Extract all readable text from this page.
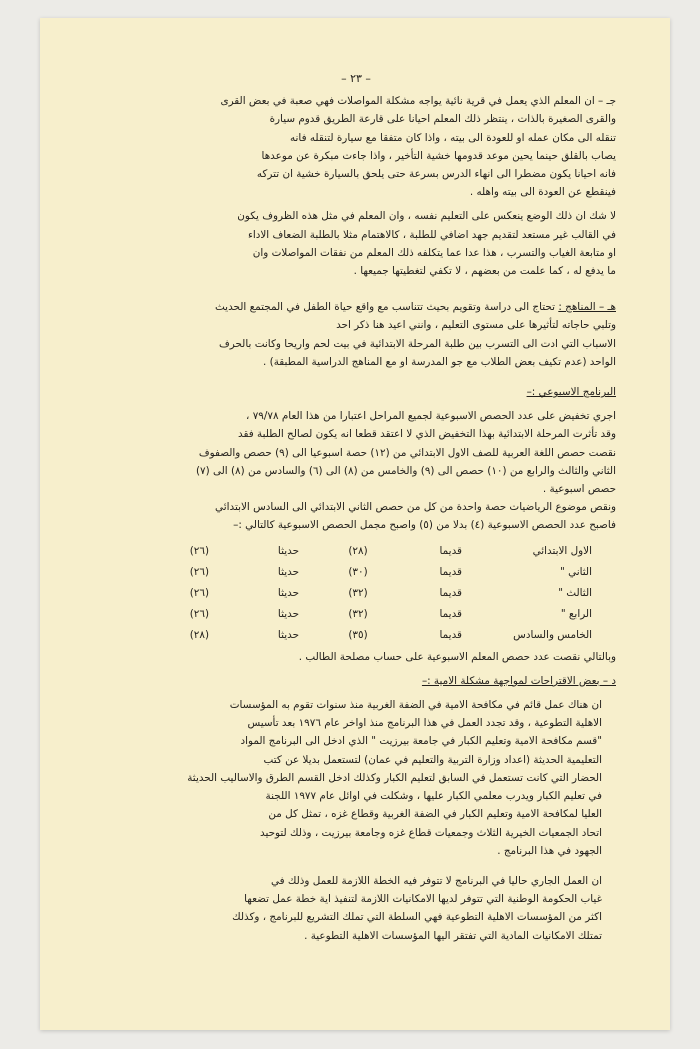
– ٢٣ –

جـ – ان المعلم الذي يعمل في قرية نائية يواجه مشكلة المواصلات فهي صعبة في بعض القرى

والقرى الصغيرة بالذات ، ينتظر ذلك المعلم احيانا على قارعة الطريق قدوم سيارة

تنقله الى مكان عمله او للعودة الى بيته ، واذا كان متفقا مع سيارة لتنقله فانه

يصاب بالقلق حينما يحين موعد قدومها خشية التأخير ، واذا جاءت مبكرة عن موعدها

فانه احيانا يكون مضطرا الى انهاء الدرس بسرعة حتى يلحق بالسيارة خشية ان تتركه

فينقطع عن العودة الى بيته واهله .

لا شك ان ذلك الوضع ينعكس على التعليم نفسه ، وان المعلم في مثل هذه الظروف يكون

في القالب غير مستعد لتقديم جهد اضافي للطلبة ، كالاهتمام مثلا بالطلبة الضعاف الاداء

او متابعة الغياب والتسرب ، هذا عدا عما يتكلفه ذلك المعلم من نفقات المواصلات وان

ما يدفع له ، كما علمت من بعضهم ، لا تكفي لتغطيتها جميعها .

هـ – المناهج : تحتاج الى دراسة وتقويم بحيث تتناسب مع واقع حياة الطفل في المجتمع الحديث

وتلبي حاجاته لتأثيرها على مستوى التعليم ، وانني اعيد هنا ذكر احد

الاسباب التي ادت الى التسرب بين طلبة المرحلة الابتدائية في بيت لحم واريحا وكانت بالحرف

الواحد (عدم تكيف بعض الطلاب مع جو المدرسة او مع المناهج الدراسية المطبقة) .

البرنامج الاسبوعي :–

اجري تخفيض على عدد الحصص الاسبوعية لجميع المراحل اعتبارا من هذا العام ٧٩/٧٨ ،

وقد تأثرت المرحلة الابتدائية بهذا التخفيض الذي لا اعتقد قطعا انه يكون لصالح الطلبة فقد

نقصت حصص اللغة العربية للصف الاول الابتدائي من (١٢) حصة اسبوعيا الى (٩) حصص والصفوف

الثاني والثالث والرابع من (١٠) حصص الى (٩) والخامس من (٨) الى (٦) والسادس من (٨) الى (٧)

حصص اسبوعية .

ونقص موضوع الرياضيات حصة واحدة من كل من حصص الثاني الابتدائي الى السادس الابتدائي

فاصبح عدد الحصص الاسبوعية (٤) بدلا من (٥) واصبح مجمل الحصص الاسبوعية كالتالي :–

الاول الابتدائي
قديما
(٢٨)
حديثا
(٢٦)
الثاني "
قديما
(٣٠)
حديثا
(٢٦)
الثالث "
قديما
(٣٢)
حديثا
(٢٦)
الرابع "
قديما
(٣٢)
حديثا
(٢٦)
الخامس والسادس
قديما
(٣٥)
حديثا
(٢٨)

وبالتالي نقصت عدد حصص المعلم الاسبوعية على حساب مصلحة الطالب .

د – بعض الاقتراحات لمواجهة مشكلة الامية :–

ان هناك عمل قائم في مكافحة الامية في الضفة الغربية منذ سنوات تقوم به المؤسسات

الاهلية التطوعية ، وقد تجدد العمل في هذا البرنامج منذ اواخر عام ١٩٧٦ بعد تأسيس

"قسم مكافحة الامية وتعليم الكبار في جامعة بيرزيت " الذي ادخل الى البرنامج المواد

التعليمية الحديثة (اعداد وزارة التربية والتعليم في عمان) لتستعمل بديلا عن كتب

الحضار التي كانت تستعمل في السابق لتعليم الكبار وكذلك ادخل القسم الطرق والاساليب الحديثة

في تعليم الكبار ويدرب معلمي الكبار عليها ، وشكلت في اوائل عام ١٩٧٧ اللجنة

العليا لمكافحة الامية وتعليم الكبار في الضفة الغربية وقطاع غزه ، تمثل كل من

اتحاد الجمعيات الخيرية الثلاث وجمعيات قطاع غزه وجامعة بيرزيت ، وذلك لتوحيد

الجهود في هذا البرنامج .

ان العمل الجاري حاليا في البرنامج لا تتوفر فيه الخطة اللازمة للعمل وذلك في

غياب الحكومة الوطنية التي تتوفر لديها الامكانيات اللازمة لتنفيذ اية خطة عمل تضعها

اكثر من المؤسسات الاهلية التطوعية فهي السلطة التي تملك التشريع للبرنامج ، وكذلك

تمتلك الامكانيات المادية التي تفتقر اليها المؤسسات الاهلية التطوعية .
